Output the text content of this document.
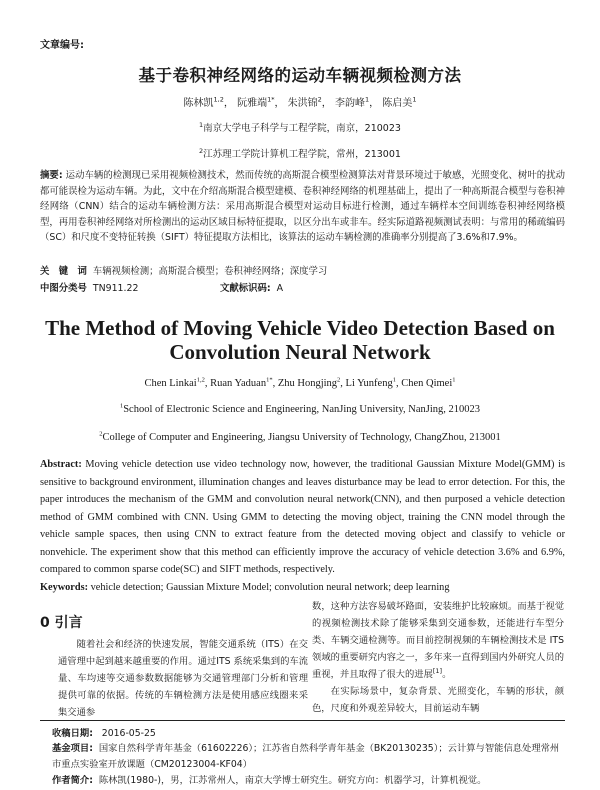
文章编号:
基于卷积神经网络的运动车辆视频检测方法
陈林凯$^{1,2}$， 阮雅端$^{1*}$， 朱洪锦$^2$， 李韵峰$^1$， 陈启美$^1$
$^1$南京大学电子科学与工程学院，南京，210023
$^2$江苏理工学院计算机工程学院，常州，213001
摘要: 运动车辆的检测现已采用视频检测技术，然而传统的高斯混合模型检测算法对背景环境过于敏感，光照变化、树叶的扰动都可能误检为运动车辆。为此，文中在介绍高斯混合模型建模、卷积神经网络的机理基础上，提出了一种高斯混合模型与卷积神经网络（CNN）结合的运动车辆检测方法：采用高斯混合模型对运动目标进行检测，通过车辆样本空间训练卷积神经网络模型，再用卷积神经网络对所检测出的运动区域目标特征提取，以区分出车或非车。经实际道路视频测试表明：与常用的稀疏编码（SC）和尺度不变特征转换（SIFT）特征提取方法相比，该算法的运动车辆检测的准确率分别提高了3.6%和7.9%。
关　键　词 车辆视频检测；高斯混合模型；卷积神经网络；深度学习
中图分类号 TN911.22	文献标识码: A
The Method of Moving Vehicle Video Detection Based on Convolution Neural Network
Chen Linkai$^{1,2}$, Ruan Yaduan$^{1*}$, Zhu Hongjing$^2$, Li Yunfeng$^1$, Chen Qimei$^1$
$^1$School of Electronic Science and Engineering, NanJing University, NanJing, 210023
$^2$College of Computer and Engineering, Jiangsu University of Technology, ChangZhou, 213001
Abstract: Moving vehicle detection use video technology now, however, the traditional Gaussian Mixture Model(GMM) is sensitive to background environment, illumination changes and leaves disturbance may be lead to error detection. For this, the paper introduces the mechanism of the GMM and convolution neural network(CNN), and then purposed a vehicle detection method of GMM combined with CNN. Using GMM to detecting the moving object, training the CNN model through the vehicle sample spaces, then using CNN to extract feature from the detected moving object and classify to vehicle or nonvehicle. The experiment show that this method can efficiently improve the accuracy of vehicle detection 3.6% and 6.9%, compared to common sparse code(SC) and SIFT methods, respectively.
Keywords: vehicle detection; Gaussian Mixture Model; convolution neural network; deep learning
0 引言
随着社会和经济的快速发展，智能交通系统（ITS）在交通管理中起到越来越重要的作用。通过ITS 系统采集到的车流量、车均速等交通参数数据能够为交通管理部门分析和管理提供可靠的依据。传统的车辆检测方法是使用感应线圈来采集交通参

数，这种方法容易破坏路面，安装维护比较麻烦。而基于视觉的视频检测技术除了能够采集到交通参数，还能进行车型分类、车辆交通检测等。而目前控制视频的车辆检测技术是 ITS 领域的重要研究内容之一，多年来一直得到国内外研究人员的重视，并且取得了很大的进展[1]。

在实际场景中，复杂背景、光照变化，车辆的形状，颜色，尺度和外观差异较大，目前运动车辆

收稿日期: 2016-05-25
基金项目: 国家自然科学青年基金（61602226）；江苏省自然科学青年基金（BK20130235）；云计算与智能信息处理常州市重点实验室开放课题（CM20123004-KF04）
作者简介: 陈林凯(1980-)，男，江苏常州人，南京大学博士研究生。研究方向：机器学习，计算机视觉。
